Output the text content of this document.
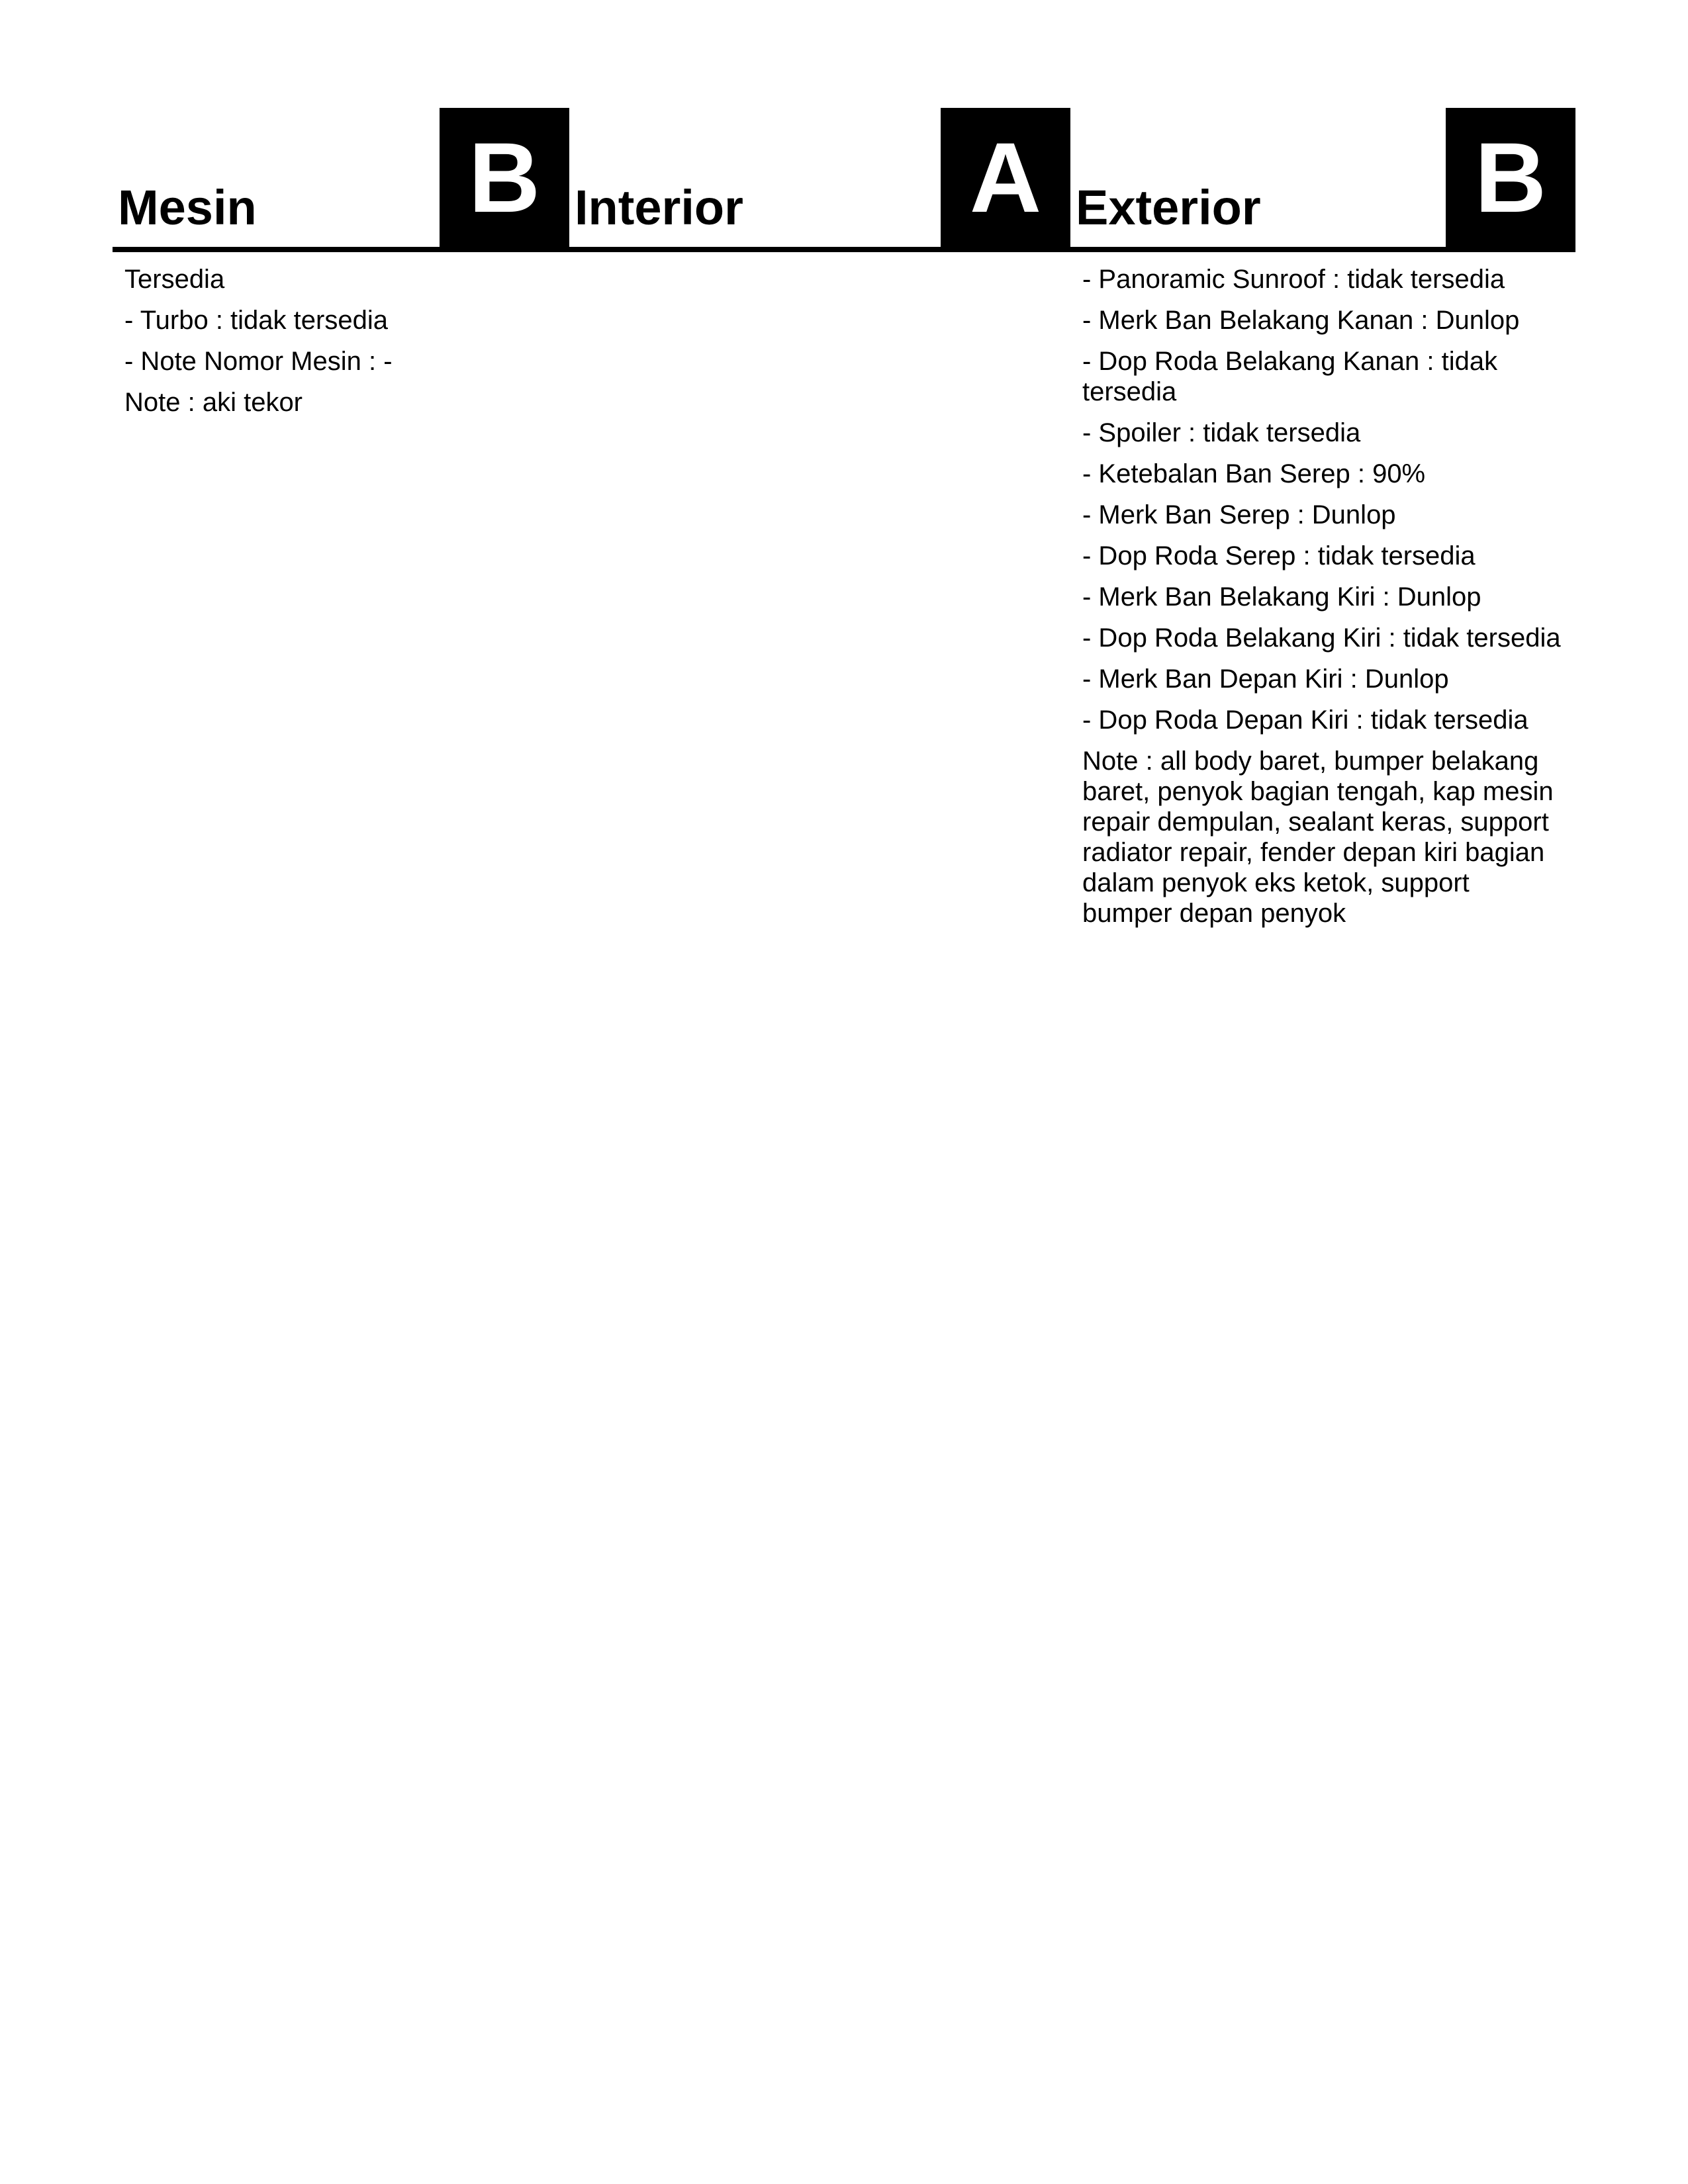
Mesin B
Tersedia
- Turbo : tidak tersedia
- Note Nomor Mesin : -
Note : aki tekor
Interior A Exterior B
- Panoramic Sunroof : tidak tersedia
- Merk Ban Belakang Kanan : Dunlop
- Dop Roda Belakang Kanan : tidak tersedia
- Spoiler : tidak tersedia
- Ketebalan Ban Serep : 90%
- Merk Ban Serep : Dunlop
- Dop Roda Serep : tidak tersedia
- Merk Ban Belakang Kiri : Dunlop
- Dop Roda Belakang Kiri : tidak tersedia
- Merk Ban Depan Kiri : Dunlop
- Dop Roda Depan Kiri : tidak tersedia
Note : all body baret, bumper belakang baret, penyok bagian tengah, kap mesin repair dempulan, sealant keras, support radiator repair, fender depan kiri bagian dalam penyok eks ketok, support bumper depan penyok
